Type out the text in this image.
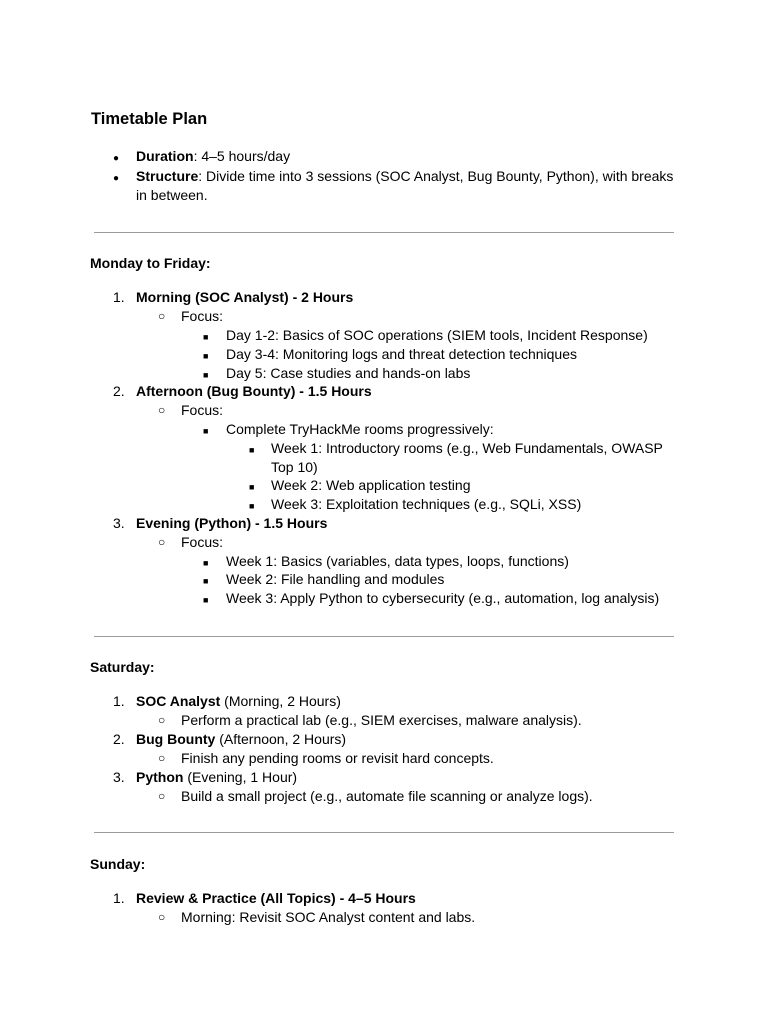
Timetable Plan
●
Duration: 4–5 hours/day
●
Structure: Divide time into 3 sessions (SOC Analyst, Bug Bounty, Python), with breaks
in between.
Monday to Friday:
1. Morning (SOC Analyst) - 2 Hours
○
Focus:
■
Day 1-2: Basics of SOC operations (SIEM tools, Incident Response)
■
Day 3-4: Monitoring logs and threat detection techniques
■
Day 5: Case studies and hands-on labs
2. Afternoon (Bug Bounty) - 1.5 Hours
○
Focus:
■
Complete TryHackMe rooms progressively:
■
Week 1: Introductory rooms (e.g., Web Fundamentals, OWASP
Top 10)
■
Week 2: Web application testing
■
Week 3: Exploitation techniques (e.g., SQLi, XSS)
3. Evening (Python) - 1.5 Hours
○
Focus:
■
Week 1: Basics (variables, data types, loops, functions)
■
Week 2: File handling and modules
■
Week 3: Apply Python to cybersecurity (e.g., automation, log analysis)
Saturday:
1. SOC Analyst (Morning, 2 Hours)
○
Perform a practical lab (e.g., SIEM exercises, malware analysis).
2. Bug Bounty (Afternoon, 2 Hours)
○
Finish any pending rooms or revisit hard concepts.
3. Python (Evening, 1 Hour)
○
Build a small project (e.g., automate file scanning or analyze logs).
Sunday:
1. Review & Practice (All Topics) - 4–5 Hours
○
Morning: Revisit SOC Analyst content and labs.
